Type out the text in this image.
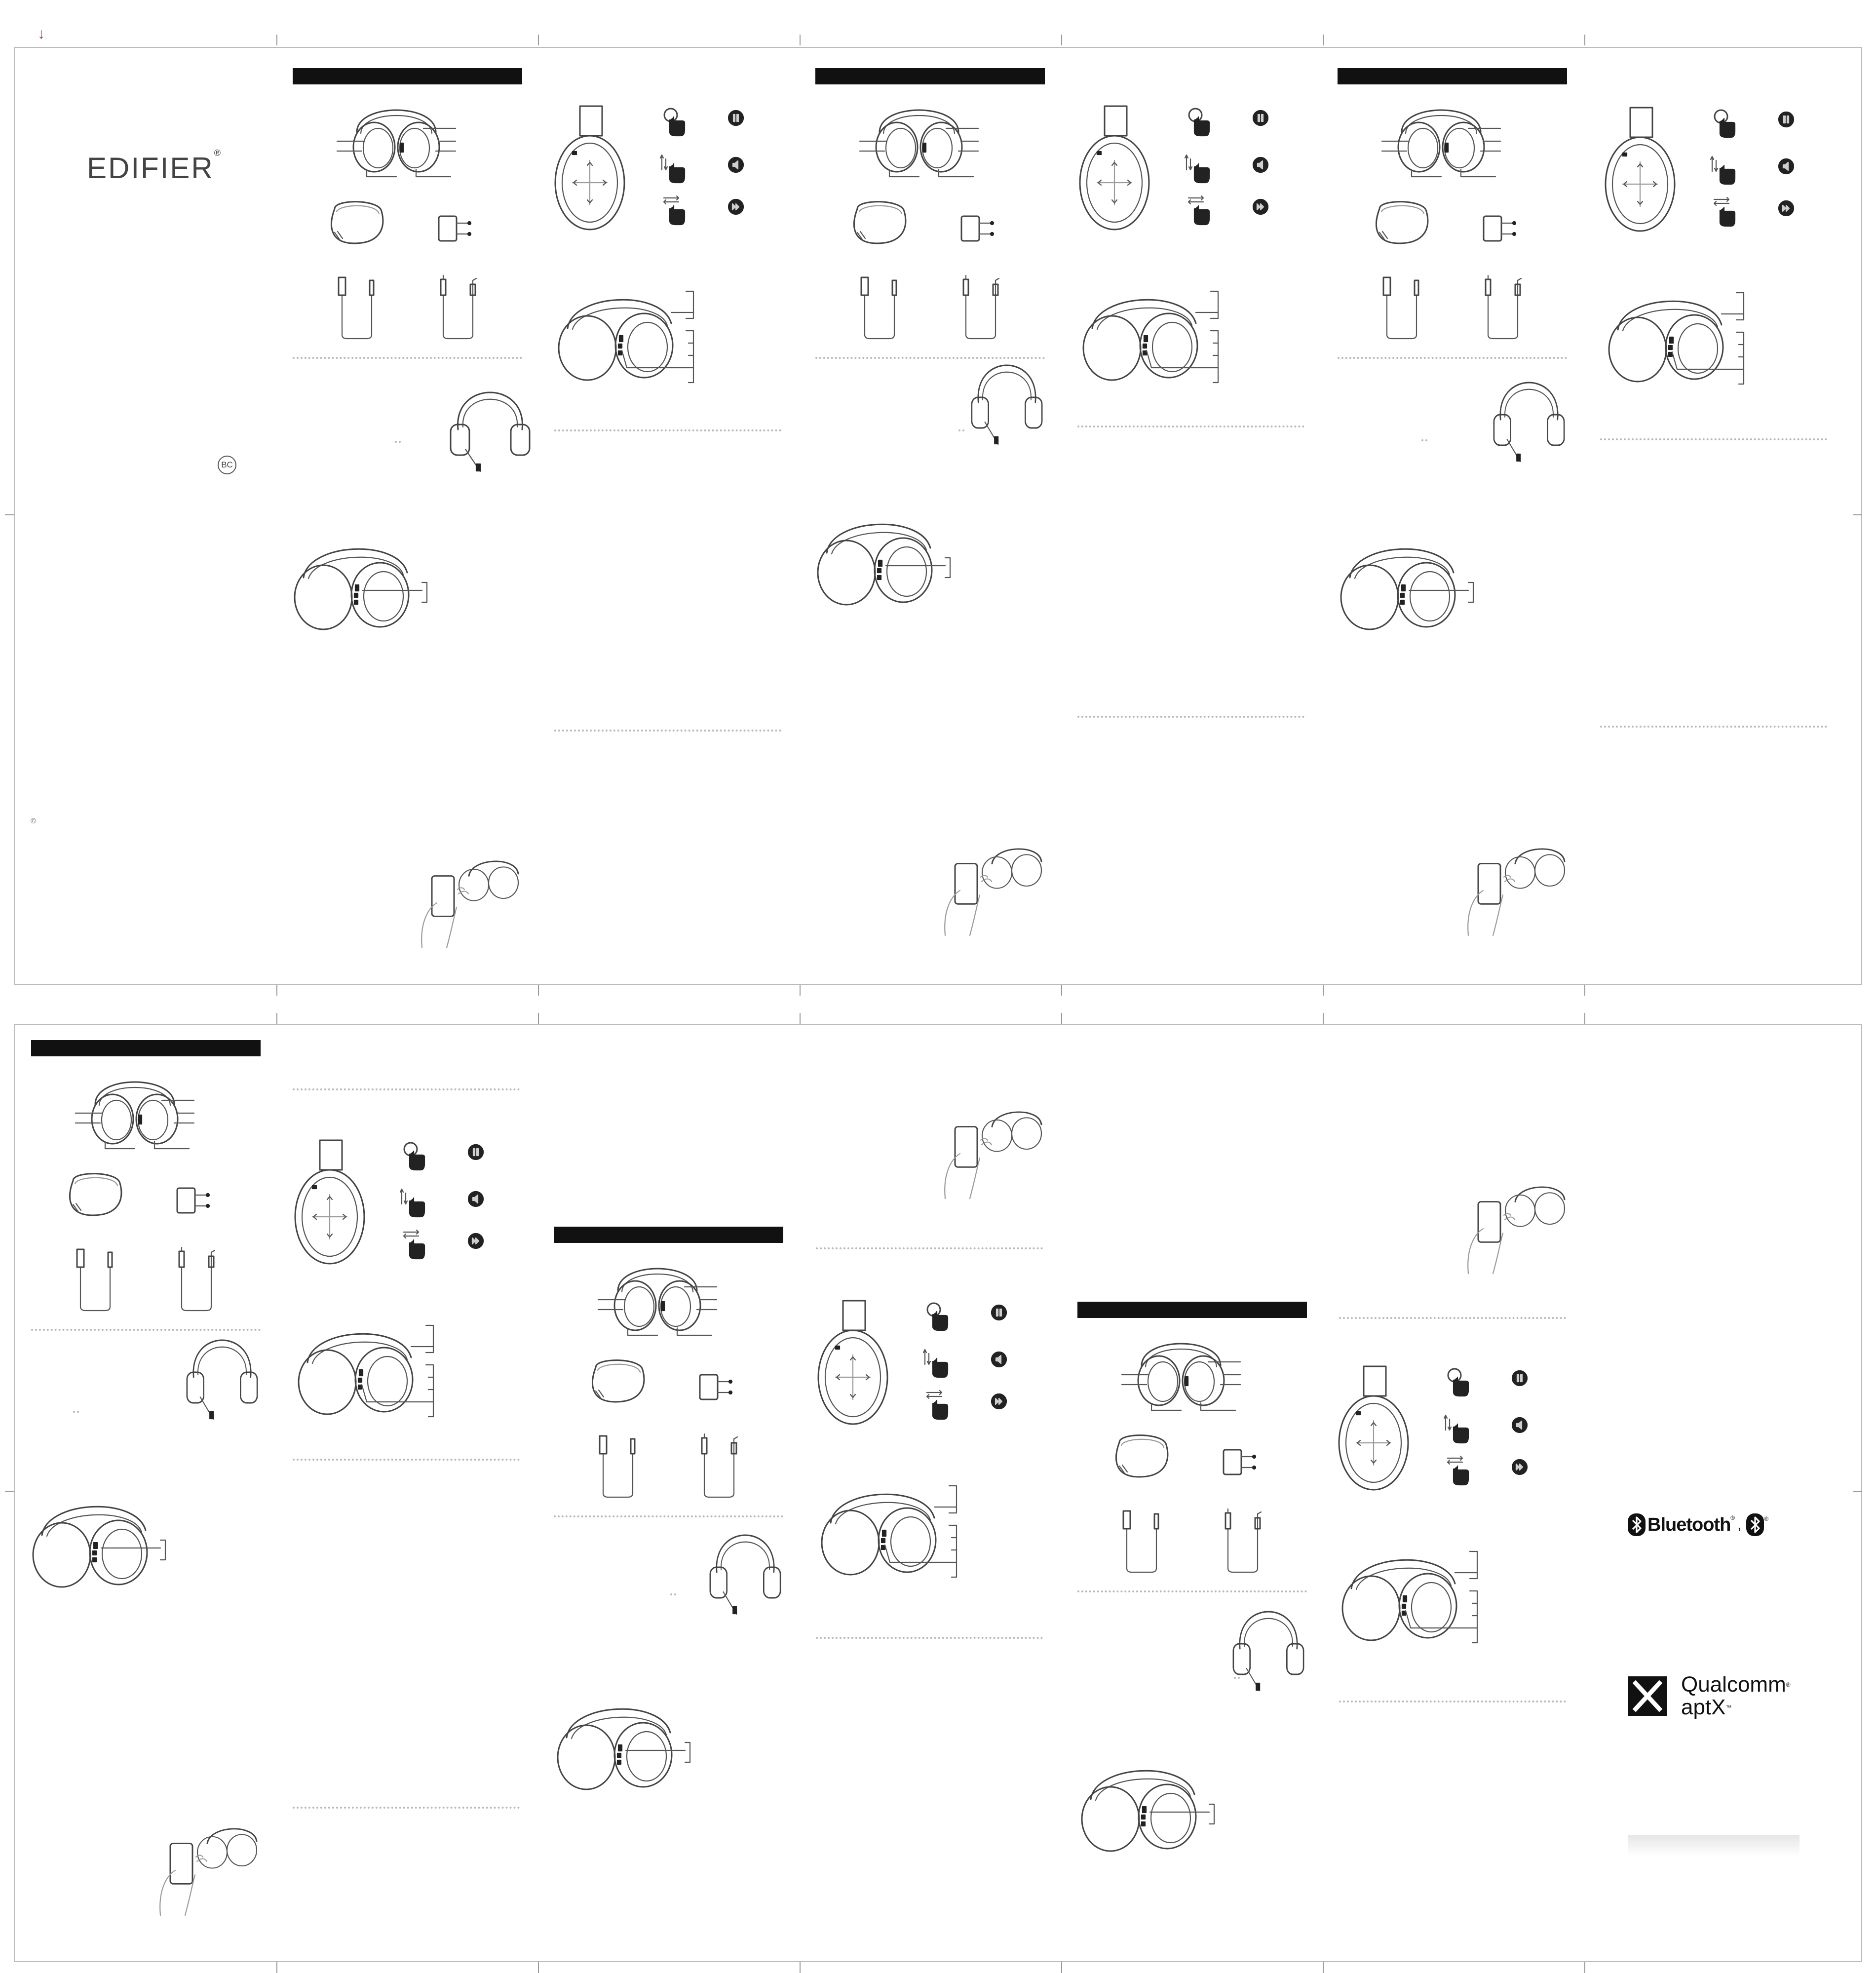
↓
EDIFIER®
BC
©
Bluetooth® ,	®
Qualcomm®
aptX™
